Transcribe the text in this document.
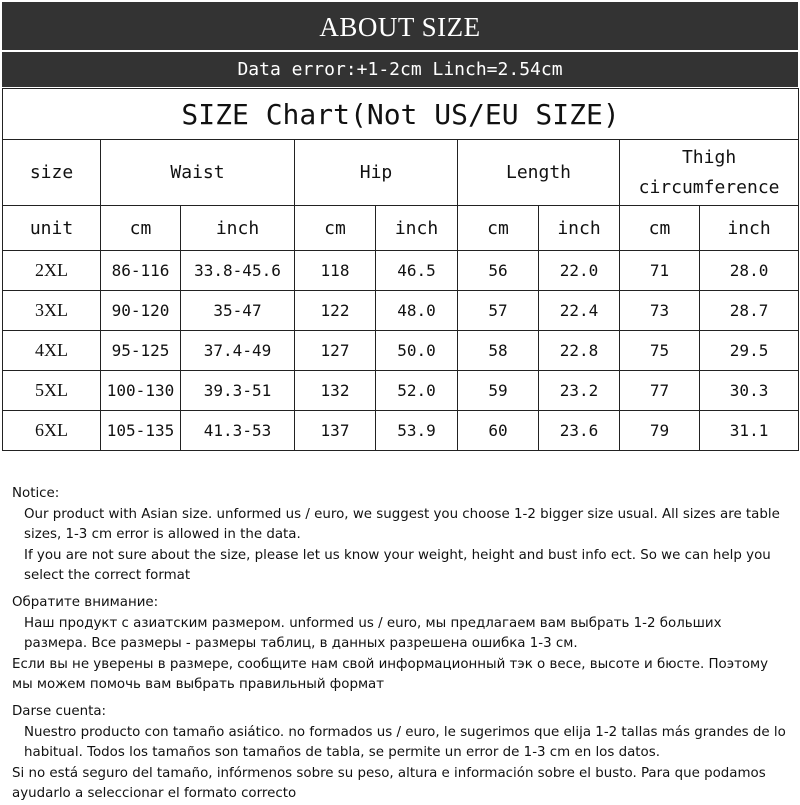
ABOUT SIZE
Data error:+1-2cm Linch=2.54cm
SIZE Chart(Not US/EU SIZE)								
size	Waist		Hip		Length		Thigh
circumference	
unit	cm	inch	cm	inch	cm	inch	cm	inch
2XL	86-116	33.8-45.6	118	46.5	56	22.0	71	28.0
3XL	90-120	35-47	122	48.0	57	22.4	73	28.7
4XL	95-125	37.4-49	127	50.0	58	22.8	75	29.5
5XL	100-130	39.3-51	132	52.0	59	23.2	77	30.3
6XL	105-135	41.3-53	137	53.9	60	23.6	79	31.1

Notice:

Our product with Asian size. unformed us / euro, we suggest you choose 1-2 bigger size usual. All sizes are table sizes, 1-3 cm error is allowed in the data.

If you are not sure about the size, please let us know your weight, height and bust info ect. So we can help you select the correct format

Обратите внимание:

Наш продукт с азиатским размером. unformed us / euro, мы предлагаем вам выбрать 1-2 больших размера. Все размеры - размеры таблиц, в данных разрешена ошибка 1-3 см.

Если вы не уверены в размере, сообщите нам свой информационный тэк о весе, высоте и бюсте. Поэтому мы можем помочь вам выбрать правильный формат

Darse cuenta:

Nuestro producto con tamaño asiático. no formados us / euro, le sugerimos que elija 1-2 tallas más grandes de lo habitual. Todos los tamaños son tamaños de tabla, se permite un error de 1-3 cm en los datos.

Si no está seguro del tamaño, infórmenos sobre su peso, altura e información sobre el busto. Para que podamos ayudarlo a seleccionar el formato correcto
